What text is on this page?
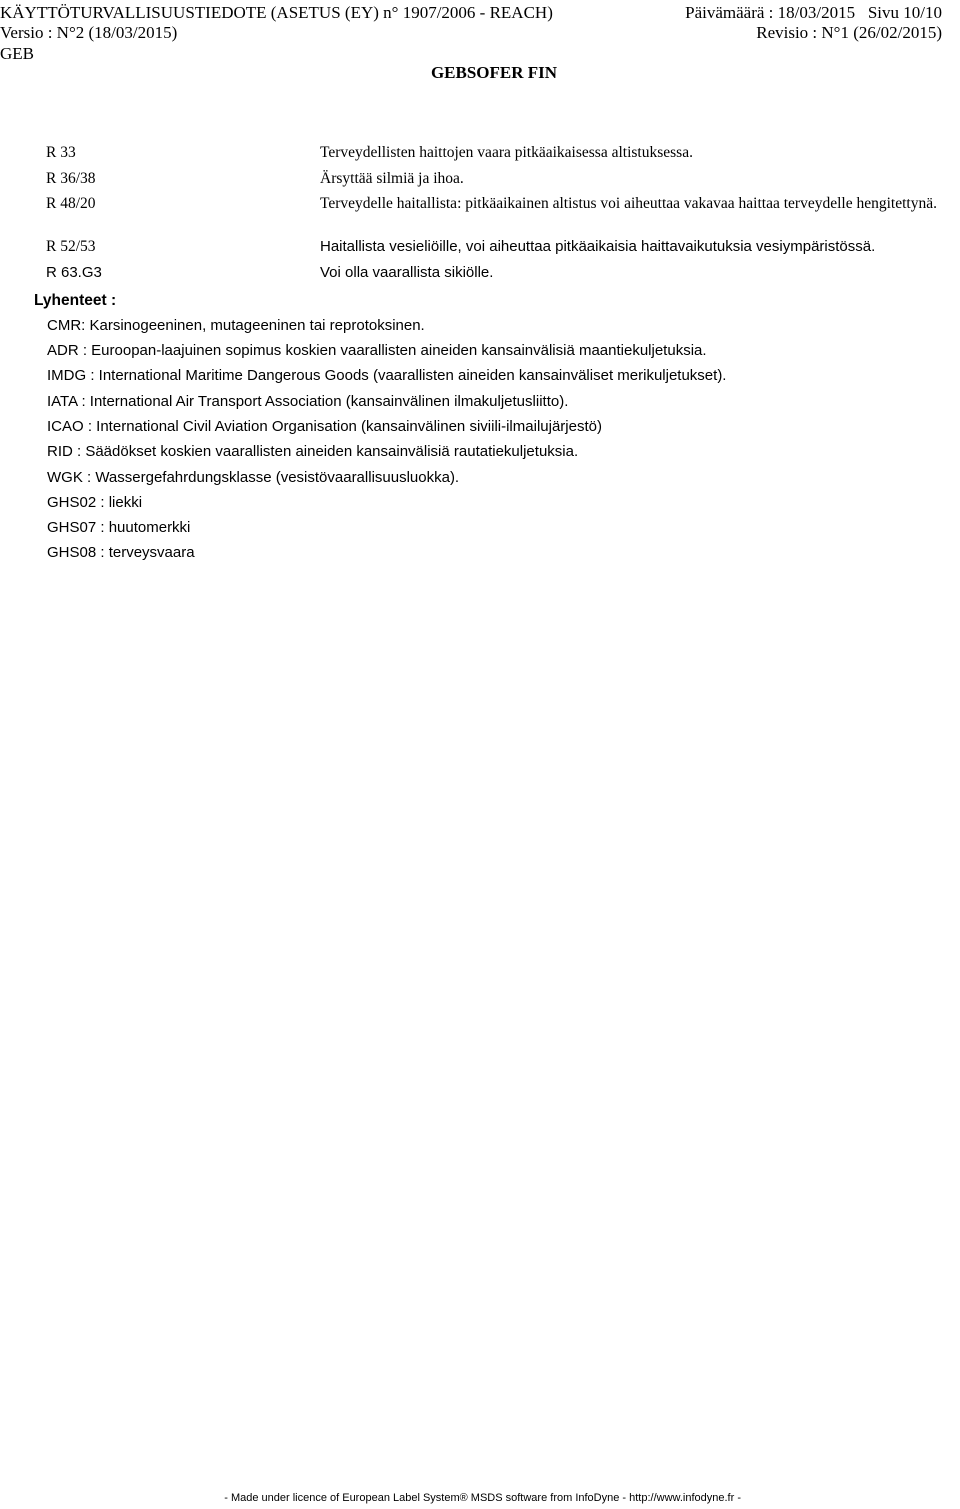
KÄYTTÖTURVALLISUUSTIEDOTE (ASETUS (EY) n° 1907/2006 - REACH)	Päivämäärä : 18/03/2015 Sivu 10/10
Versio : N°2 (18/03/2015)	Revisio : N°1 (26/02/2015)
GEB
GEBSOFER FIN
R 33	Terveydellisten haittojen vaara pitkäaikaisessa altistuksessa.
R 36/38	Ärsyttää silmiä ja ihoa.
R 48/20	Terveydelle haitallista: pitkäaikainen altistus voi aiheuttaa vakavaa haittaa terveydelle hengitettynä.
R 52/53	Haitallista vesieliöille, voi aiheuttaa pitkäaikaisia haittavaikutuksia vesiympäristössä.
R 63.G3	Voi olla vaarallista sikiölle.
Lyhenteet :
CMR: Karsinogeeninen, mutageeninen tai reprotoksinen.
ADR : Euroopan-laajuinen sopimus koskien vaarallisten aineiden kansainvälisiä maantiekuljetuksia.
IMDG : International Maritime Dangerous Goods (vaarallisten aineiden kansainväliset merikuljetukset).
IATA : International Air Transport Association (kansainvälinen ilmakuljetusliitto).
ICAO : International Civil Aviation Organisation (kansainvälinen siviili-ilmailujärjestö)
RID : Säädökset koskien vaarallisten aineiden kansainvälisiä rautatiekuljetuksia.
WGK : Wassergefahrdungsklasse (vesistövaarallisuusluokka).
GHS02 : liekki
GHS07 : huutomerkki
GHS08 : terveysvaara
- Made under licence of European Label System® MSDS software from InfoDyne - http://www.infodyne.fr -
